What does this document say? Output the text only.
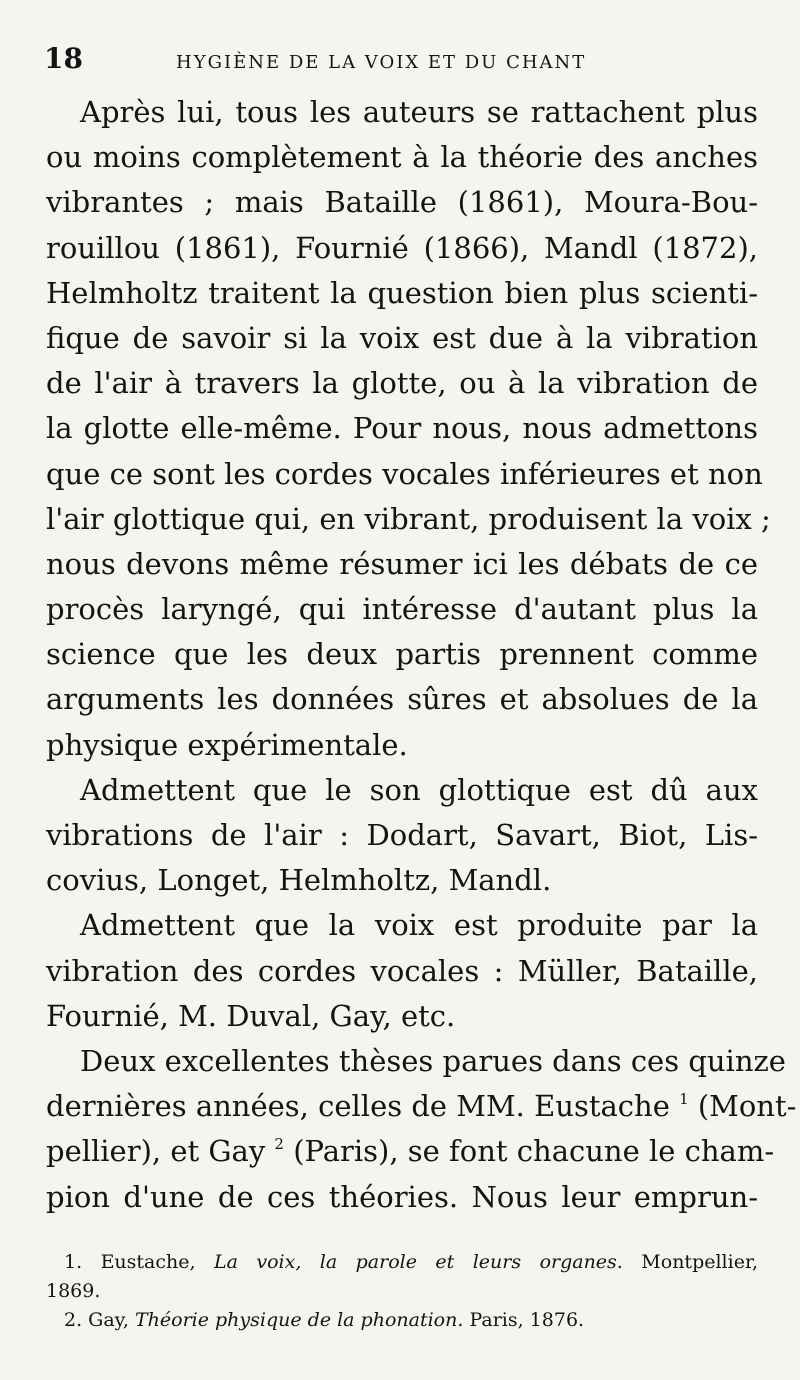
18	HYGIÈNE DE LA VOIX ET DU CHANT
Après lui, tous les auteurs se rattachent plus
ou moins complètement à la théorie des anches
vibrantes ; mais Bataille (1861), Moura-Bou-
rouillou (1861), Fournié (1866), Mandl (1872),
Helmholtz traitent la question bien plus scienti-
fique de savoir si la voix est due à la vibration
de l'air à travers la glotte, ou à la vibration de
la glotte elle-même. Pour nous, nous admettons
que ce sont les cordes vocales inférieures et non
l'air glottique qui, en vibrant, produisent la voix ;
nous devons même résumer ici les débats de ce
procès laryngé, qui intéresse d'autant plus la
science que les deux partis prennent comme
arguments les données sûres et absolues de la
physique expérimentale.
Admettent que le son glottique est dû aux
vibrations de l'air : Dodart, Savart, Biot, Lis-
covius, Longet, Helmholtz, Mandl.
Admettent que la voix est produite par la
vibration des cordes vocales : Müller, Bataille,
Fournié, M. Duval, Gay, etc.
Deux excellentes thèses parues dans ces quinze
dernières années, celles de MM. Eustache $^1$ (Mont-
pellier), et Gay $^2$ (Paris), se font chacune le cham-
pion d'une de ces théories. Nous leur emprun-
1. Eustache, La voix, la parole et leurs organes. Montpellier,
1869.
2. Gay, Théorie physique de la phonation. Paris, 1876.
